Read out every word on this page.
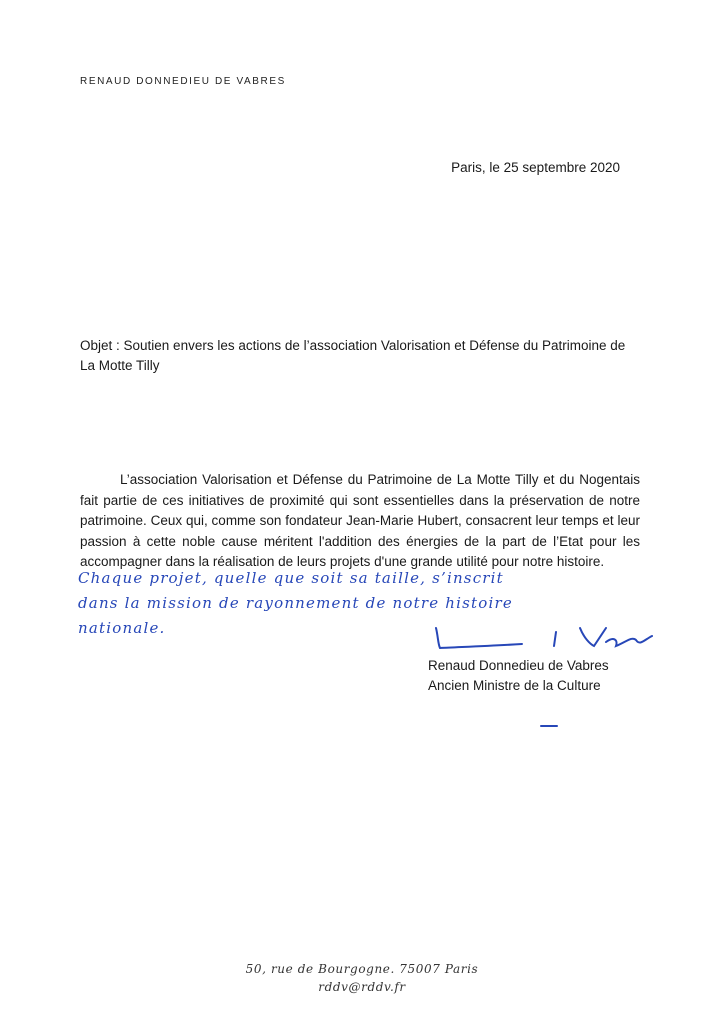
RENAUD DONNEDIEU DE VABRES
Paris, le 25 septembre 2020
Objet : Soutien envers les actions de l’association Valorisation et Défense du Patrimoine de
La Motte Tilly
L’association Valorisation et Défense du Patrimoine de La Motte Tilly et du Nogentais fait partie de ces initiatives de proximité qui sont essentielles dans la préservation de notre patrimoine. Ceux qui, comme son fondateur Jean-Marie Hubert, consacrent leur temps et leur passion à cette noble cause méritent l'addition des énergies de la part de l’Etat pour les accompagner dans la réalisation de leurs projets d'une grande utilité pour notre histoire.
Chaque projet, quelle que soit sa taille, s’inscrit
dans la mission de rayonnement de notre histoire
nationale.
Renaud Donnedieu de Vabres
Ancien Ministre de la Culture
50, rue de Bourgogne. 75007 Paris
rddv@rddv.fr
